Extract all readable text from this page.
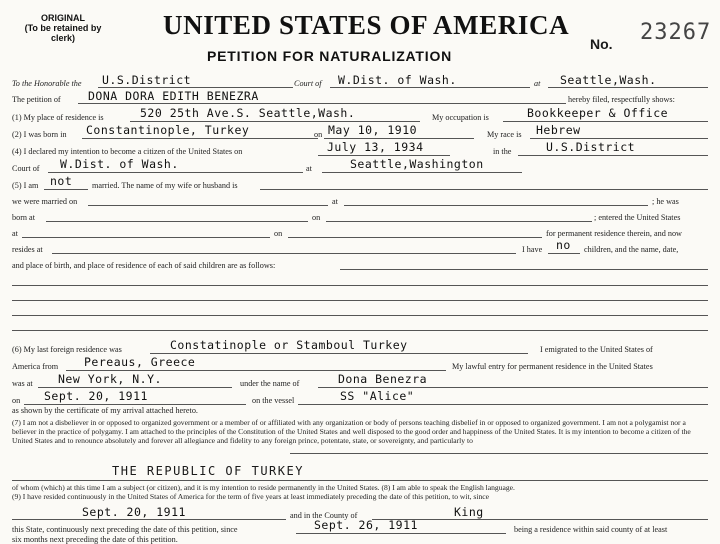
ORIGINAL
(To be retained by
clerk)	UNITED STATES OF AMERICA
PETITION FOR NATURALIZATION
No. 23267
To the Honorable the U.S.District	Court of W.Dist. of Wash.	at Seattle,Wash.
The petition of DONA DORA EDITH BENEZRA	hereby filed, respectfully shows:
(1) My place of residence is	520 25th Ave.S. Seattle,Wash.	My occupation is	Bookkeeper & Office
(2) I was born in Constantinople, Turkey	on May 10, 1910	My race is Hebrew
(4) I declared my intention to become a citizen of the United States on	July 13, 1934	in the	U.S.District
Court of W.Dist. of Wash.	at	Seattle,Washington
(5) I am not married. The name of my wife or husband is
we were married on	at	; he was
born at	on	; entered the United States
at	on	for permanent residence therein, and now
resides at	I have no children, and the name, date,
and place of birth, and place of residence of each of said children are as follows:
(6) My last foreign residence was	Constatinople or Stamboul Turkey	I emigrated to the United States of
America from Pereaus, Greece	My lawful entry for permanent residence in the United States
was at New York, N.Y.	under the name of	Dona Benezra
on Sept. 20, 1911	on the vessel	SS "Alice"
as shown by the certificate of my arrival attached hereto.
(7) I am not a disbeliever in or opposed to organized government or a member of or affiliated with any organization or body of persons teaching disbelief in or opposed to organized government. I am not a polygamist nor a believer in the practice of polygamy. I am attached to the principles of the Constitution of the United States and well disposed to the good order and happiness of the United States. It is my intention to become a citizen of the United States and to renounce absolutely and forever all allegiance and fidelity to any foreign prince, potentate, state, or sovereignty, and particularly to
THE REPUBLIC OF TURKEY
of whom (which) at this time I am a subject (or citizen), and it is my intention to reside permanently in the United States. (8) I am able to speak the English language.
(9) I have resided continuously in the United States of America for the term of five years at least immediately preceding the date of this petition, to wit, since
Sept. 20, 1911	and in the County of	King
this State, continuously next preceding the date of this petition, since	Sept. 26, 1911	being a residence within said county of at least
six months next preceding the date of this petition.
